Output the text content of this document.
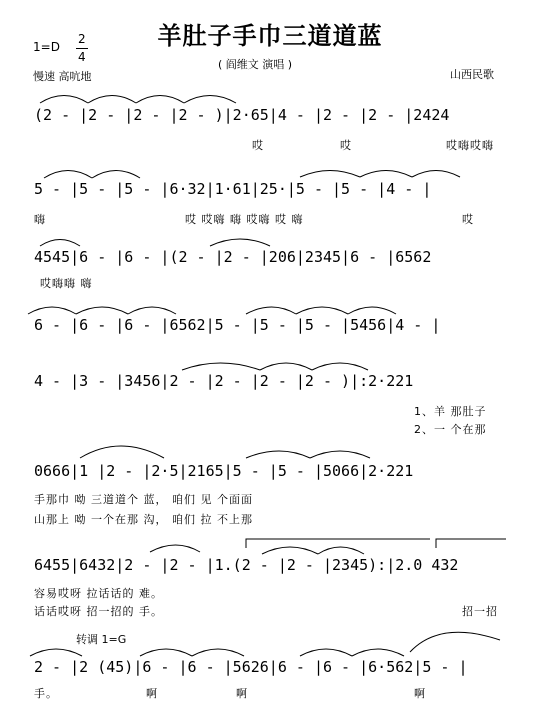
羊肚子手巾三道道蓝
1=D
2
4
慢速 高吭地
( 阎维文 演唱 )
山西民歌
(2 - |2 - |2 - |2 - )|2·65|4 - |2 - |2 - |2424
哎	哎	哎嗨哎嗨
5 - |5 - |5 - |6·32|1·61|25·|5 - |5 - |4 - |
嗨	哎 哎嗨 嗨 哎嗨 哎 嗨	哎
4545|6 - |6 - |(2 - |2 - |206|2345|6 - |6562
哎嗨嗨 嗨
6 - |6 - |6 - |6562|5 - |5 - |5 - |5456|4 - |
4 - |3 - |3456|2 - |2 - |2 - |2 - )|:2·221
1、羊 那肚子
2、一 个在那
0666|1 |2 - |2·5|2165|5 - |5 - |5066|2·221
手那巾 呦 三道道个 蓝， 咱们 见 个面面
山那上 呦 一个在那 沟， 咱们 拉 不上那
6455|6432|2 - |2 - |1.(2 - |2 - |2345):|2.0 432
容易哎呀 拉话话的 难。
话话哎呀 招一招的 手。	招一招
转调 1=G
2 - |2 (45)|6 - |6 - |5626|6 - |6 - |6·562|5 - |
手。	啊	啊	啊
